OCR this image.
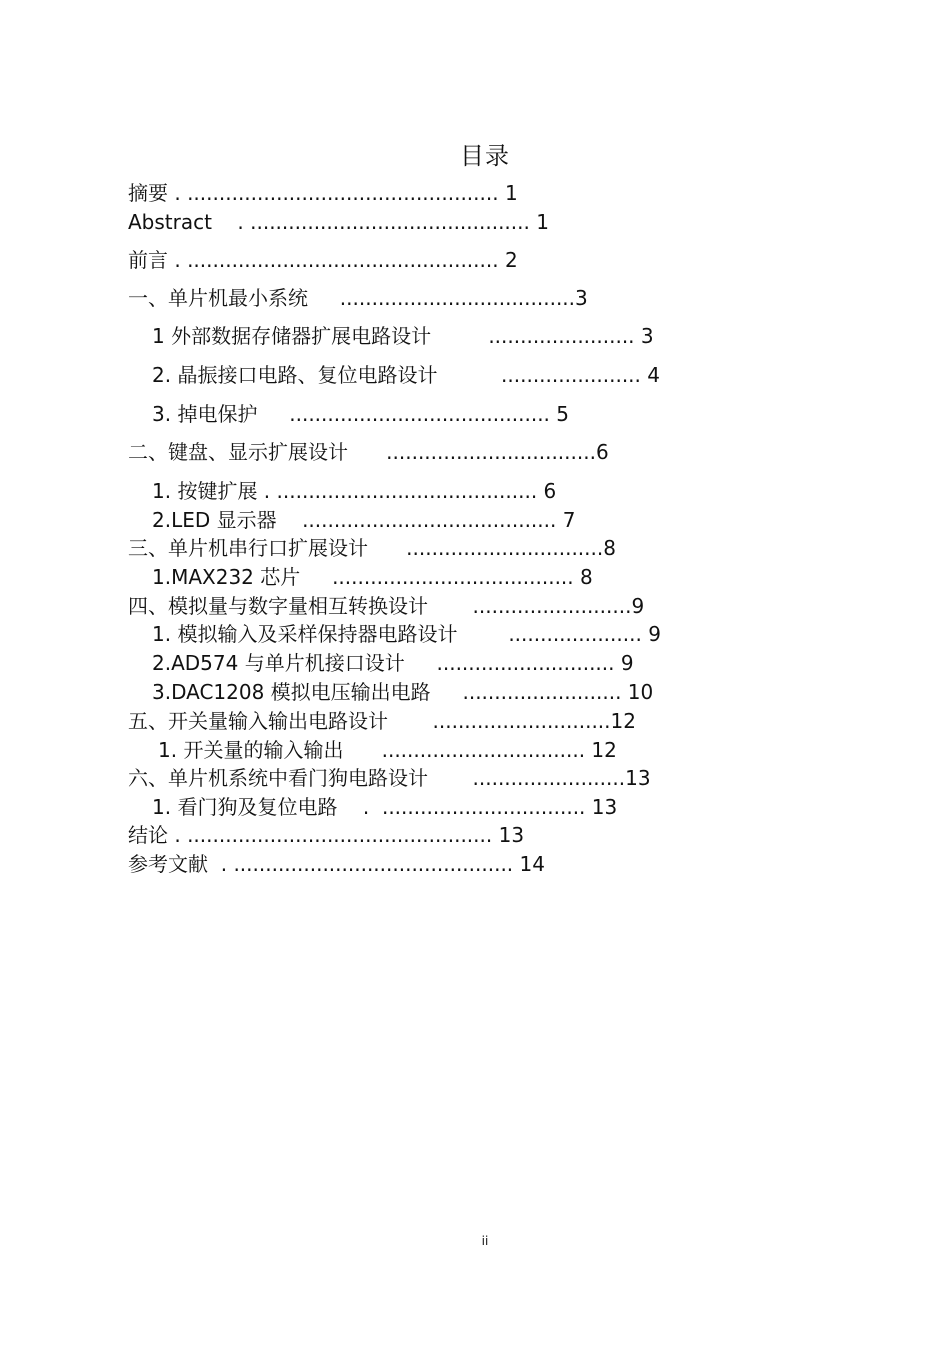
目录
摘要 . ................................................. 1
Abstract    . ............................................ 1
前言 . ................................................. 2
一、单片机最小系统 .....................................3
1 外部数据存储器扩展电路设计	....................... 3
2. 晶振接口电路、复位电路设计	...................... 4
3. 掉电保护 ......................................... 5
二、键盘、显示扩展设计 .................................6
1. 按键扩展 . ......................................... 6
2.LED 显示器 ........................................ 7
三、单片机串行口扩展设计 ...............................8
1.MAX232 芯片 ...................................... 8
四、模拟量与数字量相互转换设计 .........................9
1. 模拟输入及采样保持器电路设计	..................... 9
2.AD574 与单片机接口设计 ............................ 9
3.DAC1208 模拟电压输出电路 ......................... 10
五、开关量输入输出电路设计 ............................12
1. 开关量的输入输出 ................................ 12
六、单片机系统中看门狗电路设计 ........................13
1. 看门狗及复位电路    .  ................................ 13
结论 . ................................................ 13
参考文献  . ............................................ 14
ii
